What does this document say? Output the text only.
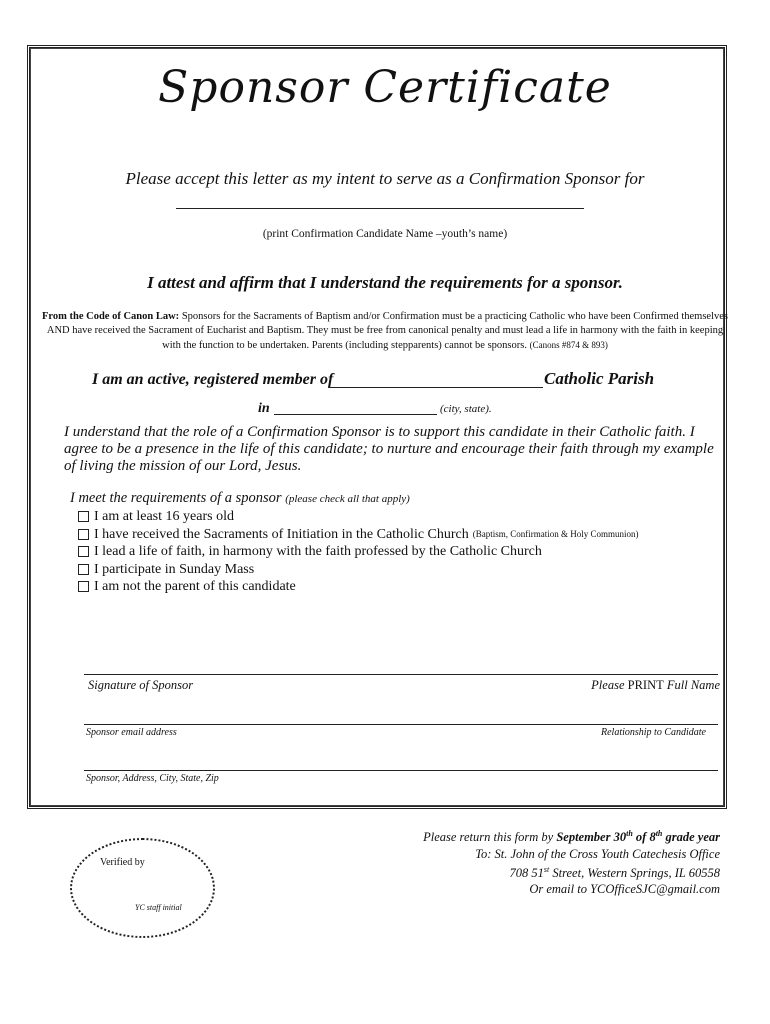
Sponsor Certificate
Please accept this letter as my intent to serve as a Confirmation Sponsor for
(print Confirmation Candidate Name –youth’s name)
I attest and affirm that I understand the requirements for a sponsor.
From the Code of Canon Law: Sponsors for the Sacraments of Baptism and/or Confirmation must be a practicing Catholic who have been Confirmed themselves AND have received the Sacrament of Eucharist and Baptism. They must be free from canonical penalty and must lead a life in harmony with the faith in keeping with the function to be undertaken. Parents (including stepparents) cannot be sponsors. (Canons #874 & 893)
I am an active, registered member of	Catholic Parish
in	(city, state).
I understand that the role of a Confirmation Sponsor is to support this candidate in their Catholic faith. I agree to be a presence in the life of this candidate; to nurture and encourage their faith through my example of living the mission of our Lord, Jesus.
I meet the requirements of a sponsor (please check all that apply)
I am at least 16 years old
I have received the Sacraments of Initiation in the Catholic Church (Baptism, Confirmation & Holy Communion)
I lead a life of faith, in harmony with the faith professed by the Catholic Church
I participate in Sunday Mass
I am not the parent of this candidate
Signature of Sponsor	Please PRINT Full Name
Sponsor email address	Relationship to Candidate
Sponsor, Address, City, State, Zip
Please return this form by September 30th of 8th grade year
To: St. John of the Cross Youth Catechesis Office
708 51st Street, Western Springs, IL 60558
Or email to YCOfficeSJC@gmail.com
Verified by
YC staff initial
